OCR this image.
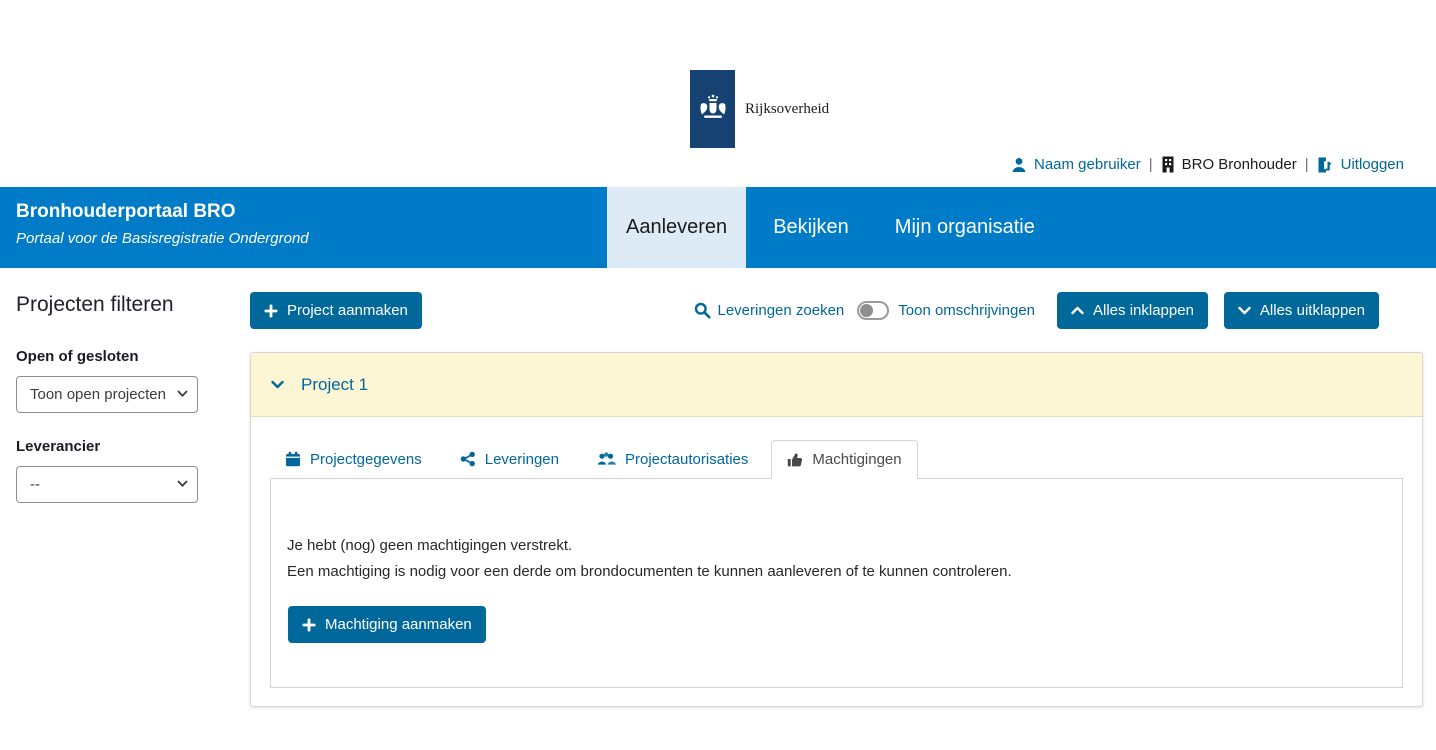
Rijksoverheid
Naam gebruiker | BRO Bronhouder | Uitloggen
Bronhouderportaal BRO
Portaal voor de Basisregistratie Ondergrond
Aanleveren Bekijken Mijn organisatie
Projecten filteren
Open of gesloten
Toon open projecten
Leverancier
--
Project aanmaken	Leveringen zoeken	Toon omschrijvingen	Alles inklappen	Alles uitklappen
Project 1
Projectgegevens	Leveringen	Projectautorisaties	Machtigingen
Je hebt (nog) geen machtigingen verstrekt.
Een machtiging is nodig voor een derde om brondocumenten te kunnen aanleveren of te kunnen controleren.
Machtiging aanmaken
